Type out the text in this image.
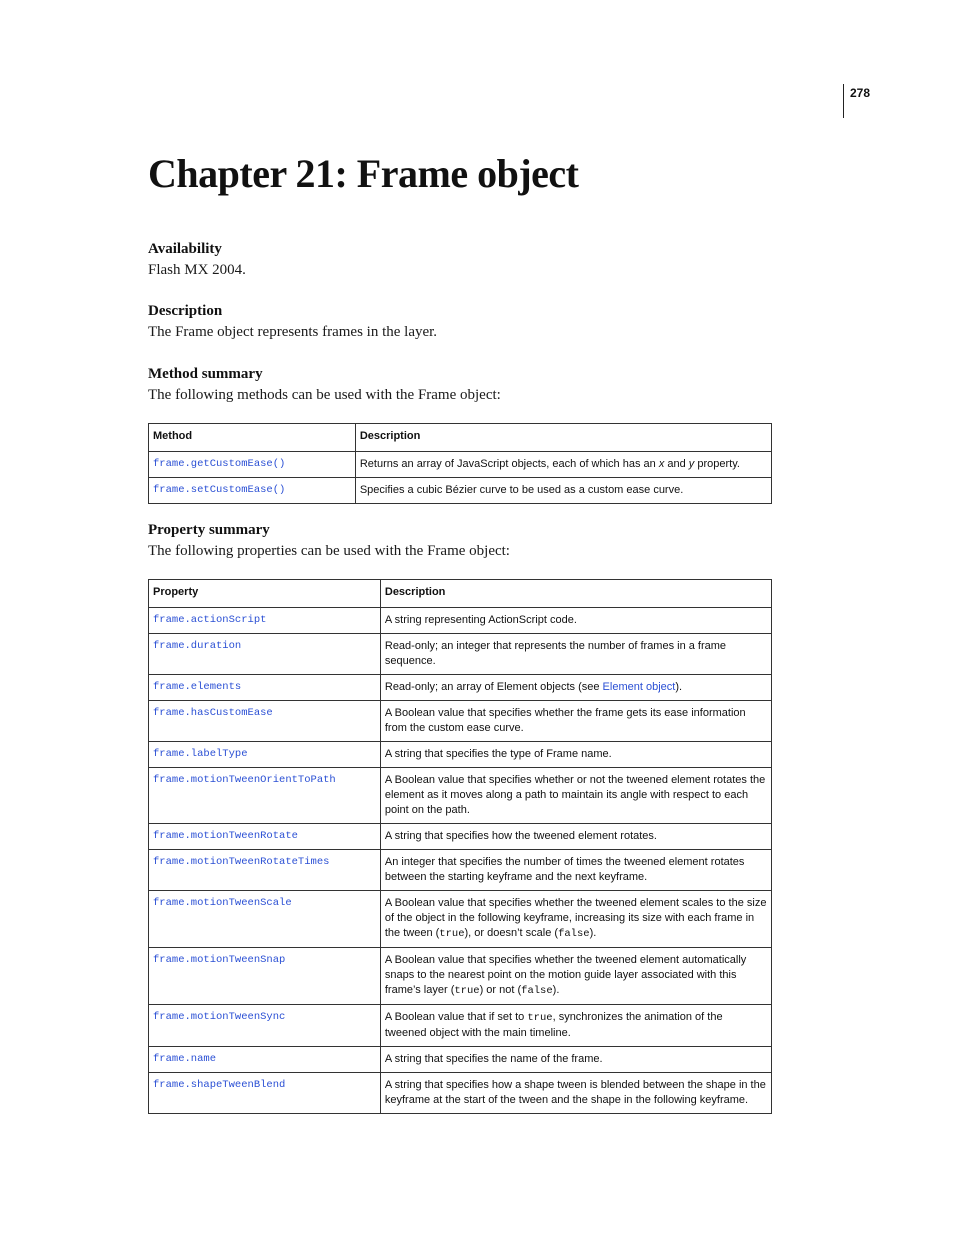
278
Chapter 21: Frame object
Availability
Flash MX 2004.
Description
The Frame object represents frames in the layer.
Method summary
The following methods can be used with the Frame object:
Method	Description
frame.getCustomEase()	Returns an array of JavaScript objects, each of which has an x and y property.
frame.setCustomEase()	Specifies a cubic Bézier curve to be used as a custom ease curve.
Property summary
The following properties can be used with the Frame object:
Property	Description
frame.actionScript	A string representing ActionScript code.
frame.duration	Read-only; an integer that represents the number of frames in a frame sequence.
frame.elements	Read-only; an array of Element objects (see Element object).
frame.hasCustomEase	A Boolean value that specifies whether the frame gets its ease information from the custom ease curve.
frame.labelType	A string that specifies the type of Frame name.
frame.motionTweenOrientToPath	A Boolean value that specifies whether or not the tweened element rotates the element as it moves along a path to maintain its angle with respect to each point on the path.
frame.motionTweenRotate	A string that specifies how the tweened element rotates.
frame.motionTweenRotateTimes	An integer that specifies the number of times the tweened element rotates between the starting keyframe and the next keyframe.
frame.motionTweenScale	A Boolean value that specifies whether the tweened element scales to the size of the object in the following keyframe, increasing its size with each frame in the tween (true), or doesn’t scale (false).
frame.motionTweenSnap	A Boolean value that specifies whether the tweened element automatically snaps to the nearest point on the motion guide layer associated with this frame’s layer (true) or not (false).
frame.motionTweenSync	A Boolean value that if set to true, synchronizes the animation of the tweened object with the main timeline.
frame.name	A string that specifies the name of the frame.
frame.shapeTweenBlend	A string that specifies how a shape tween is blended between the shape in the keyframe at the start of the tween and the shape in the following keyframe.
